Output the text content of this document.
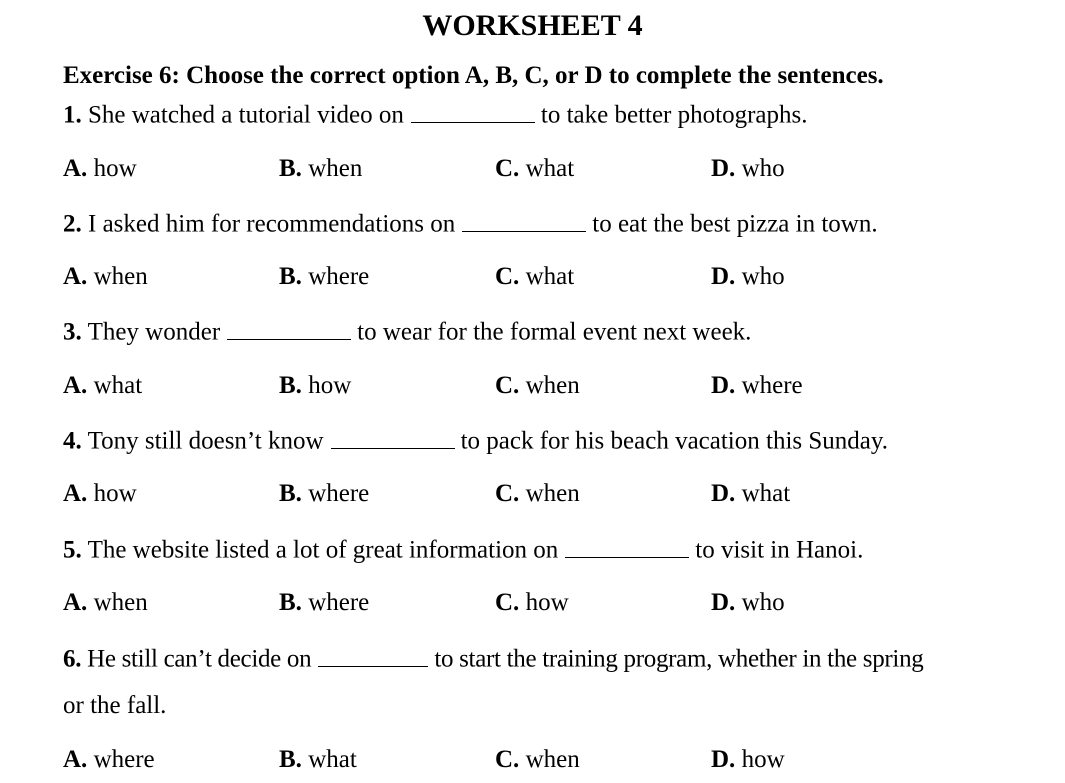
WORKSHEET 4
Exercise 6: Choose the correct option A, B, C, or D to complete the sentences.
1. She watched a tutorial video on	to take better photographs.
A. how	B. when	C. what	D. who
2. I asked him for recommendations on	to eat the best pizza in town.
A. when	B. where	C. what	D. who
3. They wonder	to wear for the formal event next week.
A. what	B. how	C. when	D. where
4. Tony still doesn’t know	to pack for his beach vacation this Sunday.
A. how	B. where	C. when	D. what
5. The website listed a lot of great information on	to visit in Hanoi.
A. when	B. where	C. how	D. who
6. He still can’t decide on	to start the training program, whether in the spring
or the fall.
A. where	B. what	C. when	D. how
